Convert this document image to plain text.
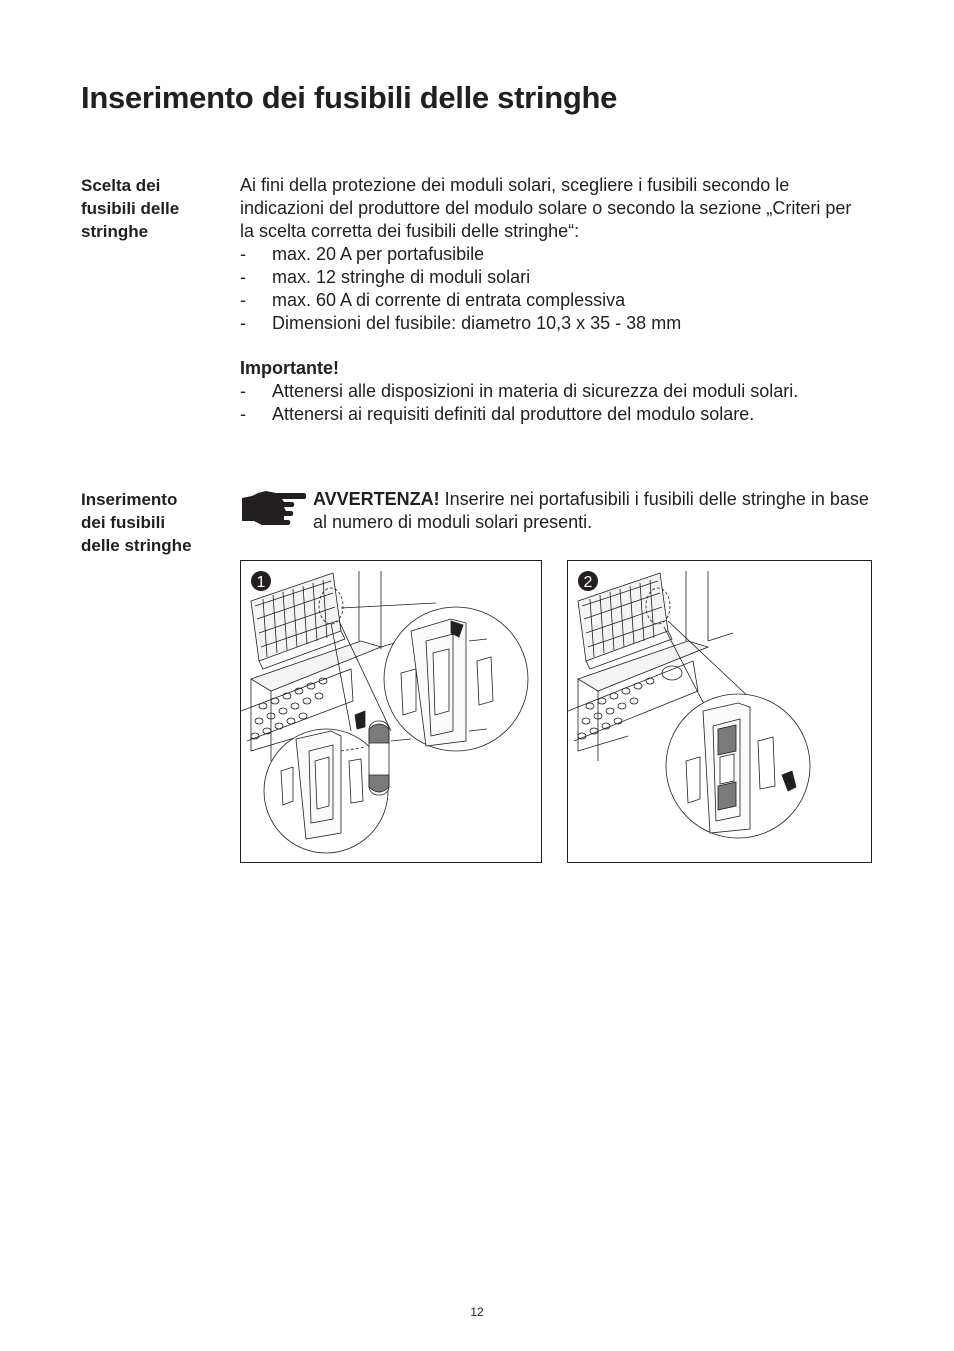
Inserimento dei fusibili delle stringhe
Scelta dei
fusibili delle
stringhe

Ai fini della protezione dei moduli solari, scegliere i fusibili secondo le indicazioni del produttore del modulo solare o secondo la sezione „Criteri per la scelta corretta dei fusibili delle stringhe“:

- max. 20 A per portafusibile
- max. 12 stringhe di moduli solari
- max. 60 A di corrente di entrata complessiva
- Dimensioni del fusibile: diametro 10,3 x 35 - 38 mm

Importante!

- Attenersi alle disposizioni in materia di sicurezza dei moduli solari.
- Attenersi ai requisiti definiti dal produttore del modulo solare.
Inserimento
dei fusibili
delle stringhe
AVVERTENZA! Inserire nei portafusibili i fusibili delle stringhe in base al numero di moduli solari presenti.
1	2
12
